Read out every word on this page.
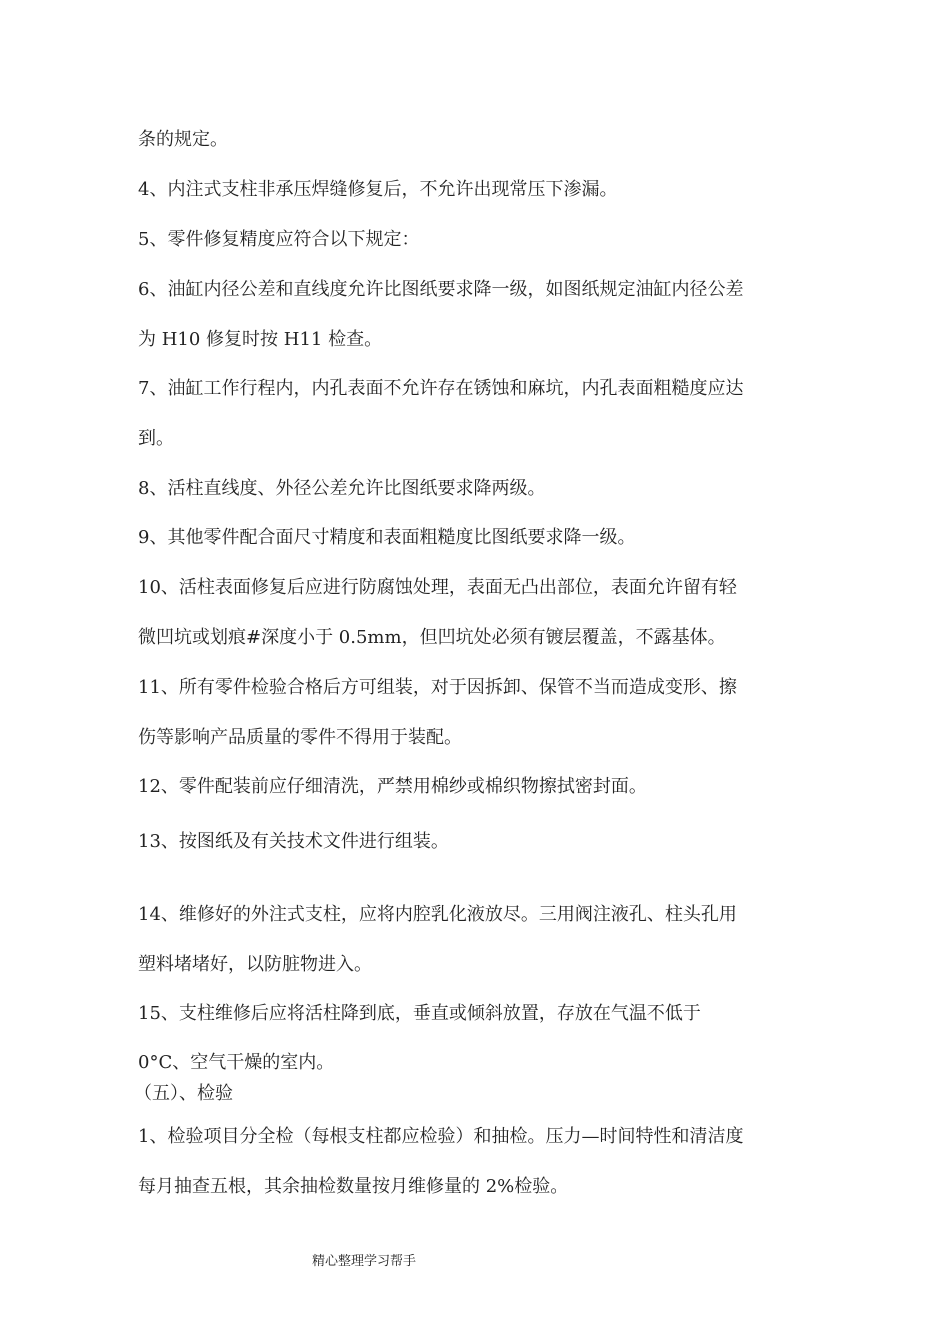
条的规定。
4、内注式支柱非承压焊缝修复后，不允许出现常压下渗漏。
5、零件修复精度应符合以下规定：
6、油缸内径公差和直线度允许比图纸要求降一级，如图纸规定油缸内径公差
为 H10 修复时按 H11 检查。
7、油缸工作行程内，内孔表面不允许存在锈蚀和麻坑，内孔表面粗糙度应达
到。
8、活柱直线度、外径公差允许比图纸要求降两级。
9、其他零件配合面尺寸精度和表面粗糙度比图纸要求降一级。
10、活柱表面修复后应进行防腐蚀处理，表面无凸出部位，表面允许留有轻
微凹坑或划痕#深度小于 0.5mm，但凹坑处必须有镀层覆盖，不露基体。
11、所有零件检验合格后方可组装，对于因拆卸、保管不当而造成变形、擦
伤等影响产品质量的零件不得用于装配。
12、零件配装前应仔细清洗，严禁用棉纱或棉织物擦拭密封面。
13、按图纸及有关技术文件进行组装。
14、维修好的外注式支柱，应将内腔乳化液放尽。三用阀注液孔、柱头孔用
塑料堵堵好，以防脏物进入。
15、支柱维修后应将活柱降到底，垂直或倾斜放置，存放在气温不低于
0°C、空气干燥的室内。
（五）、检验
1、检验项目分全检（每根支柱都应检验）和抽检。压力—时间特性和清洁度
每月抽查五根，其余抽检数量按月维修量的 2%检验。
精心整理学习帮手
